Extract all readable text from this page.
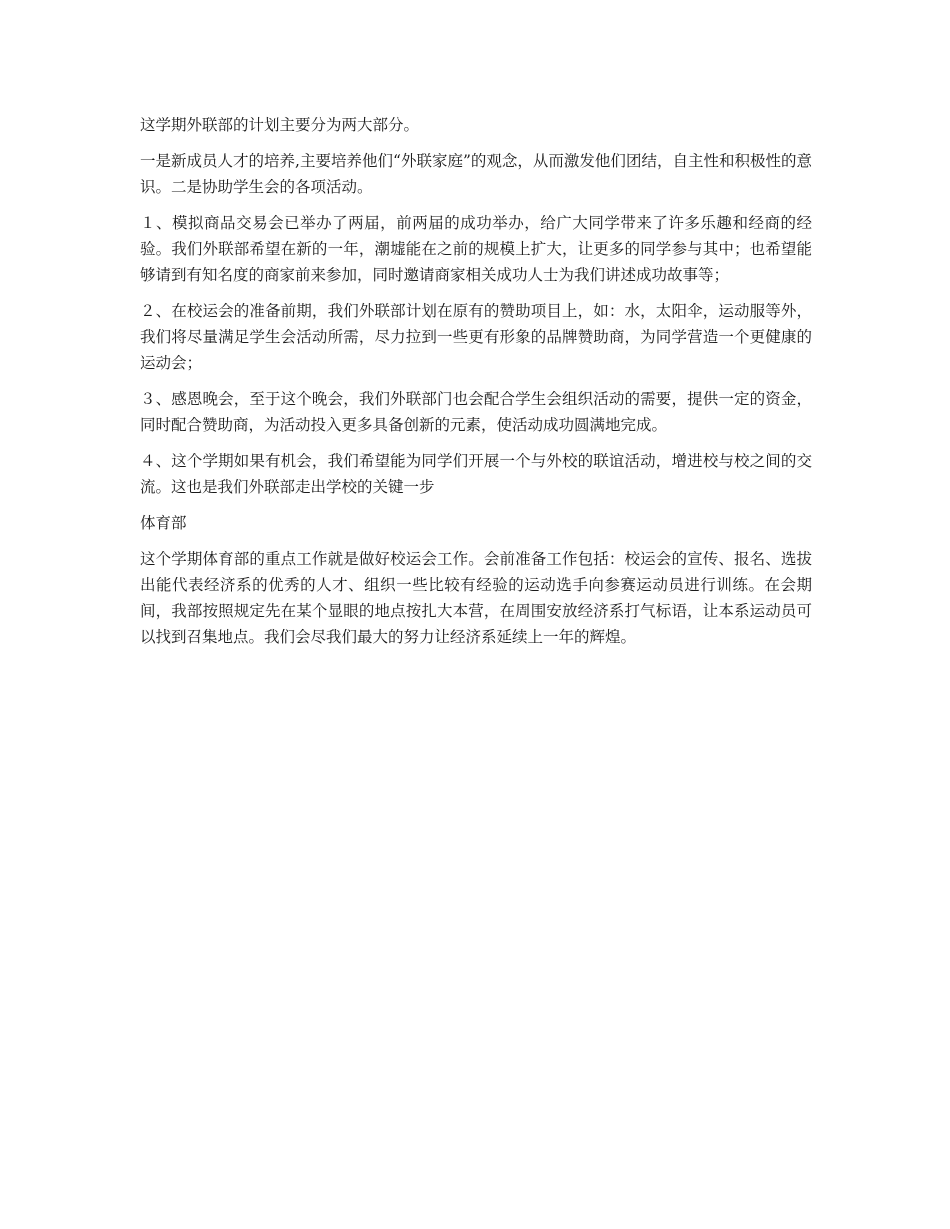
这学期外联部的计划主要分为两大部分。

一是新成员人才的培养,主要培养他们“外联家庭”的观念，从而激发他们团结，自主性和积极性的意识。二是协助学生会的各项活动。

１、模拟商品交易会已举办了两届，前两届的成功举办，给广大同学带来了许多乐趣和经商的经验。我们外联部希望在新的一年，潮墟能在之前的规模上扩大，让更多的同学参与其中；也希望能够请到有知名度的商家前来参加，同时邀请商家相关成功人士为我们讲述成功故事等；

２、在校运会的准备前期，我们外联部计划在原有的赞助项目上，如：水，太阳伞，运动服等外，我们将尽量满足学生会活动所需，尽力拉到一些更有形象的品牌赞助商，为同学营造一个更健康的运动会；

３、感恩晚会，至于这个晚会，我们外联部门也会配合学生会组织活动的需要，提供一定的资金，同时配合赞助商，为活动投入更多具备创新的元素，使活动成功圆满地完成。

４、这个学期如果有机会，我们希望能为同学们开展一个与外校的联谊活动，增进校与校之间的交流。这也是我们外联部走出学校的关键一步

体育部

这个学期体育部的重点工作就是做好校运会工作。会前准备工作包括：校运会的宣传、报名、选拔出能代表经济系的优秀的人才、组织一些比较有经验的运动选手向参赛运动员进行训练。在会期间，我部按照规定先在某个显眼的地点按扎大本营，在周围安放经济系打气标语，让本系运动员可以找到召集地点。我们会尽我们最大的努力让经济系延续上一年的辉煌。
